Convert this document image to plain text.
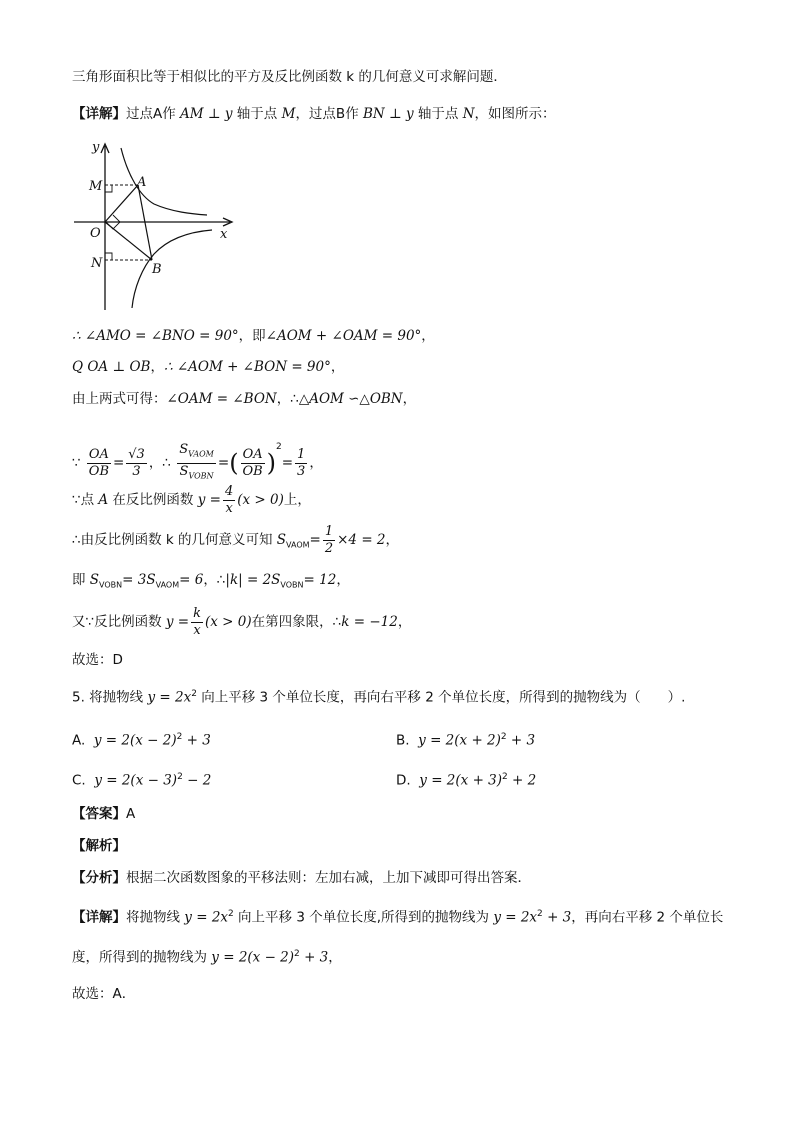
三角形面积比等于相似比的平方及反比例函数 k 的几何意义可求解问题．
【详解】过点A作 AM ⊥ y 轴于点 M，过点B作 BN ⊥ y 轴于点 N，如图所示：
y
x
O
M	A
N	B
∴ ∠AMO = ∠BNO = 90°，即∠AOM + ∠OAM = 90°，
Q OA ⊥ OB，∴ ∠AOM + ∠BON = 90°，
由上两式可得：∠OAM = ∠BON，∴△AOM ∽△OBN，
∵ $\frac{OA}{OB} = \frac{√3}{3}$ ，∴ $\frac{S_{VAOM}}{S_{VOBN}}$ =( $\frac{OA}{OB} )^2= \frac{1}{3}$ ，
∵点 A 在反比例函数 $y = \frac{4}{x} (x > 0)$上，
∴由反比例函数 k 的几何意义可知 $S_{VAOM}= \frac{1}{2} \times 4 = 2$，
即 $S_{VOBN}= 3S_{VAOM}= 6$，∴|k| = $2S_{VOBN}= 12$，
又∵反比例函数 $y = \frac{k}{x} (x > 0)$在第四象限，∴k = −12，
故选：D
5. 将抛物线 $y = 2x^2$ 向上平移 3 个单位长度，再向右平移 2 个单位长度，所得到的抛物线为（　　）.
A. $y = 2(x - 2)^2 + 3$	B. $y = 2(x + 2)^2 + 3$
C. $y = 2(x - 3)^2 - 2$	D. $y = 2(x + 3)^2 + 2$
【答案】A
【解析】
【分析】根据二次函数图象的平移法则：左加右减，上加下减即可得出答案．
【详解】将抛物线 $y = 2x^2$ 向上平移 3 个单位长度,所得到的抛物线为 $y = 2x^2 + 3$，再向右平移 2 个单位长
度，所得到的抛物线为 $y = 2(x - 2)^2 + 3$，
故选：A．
